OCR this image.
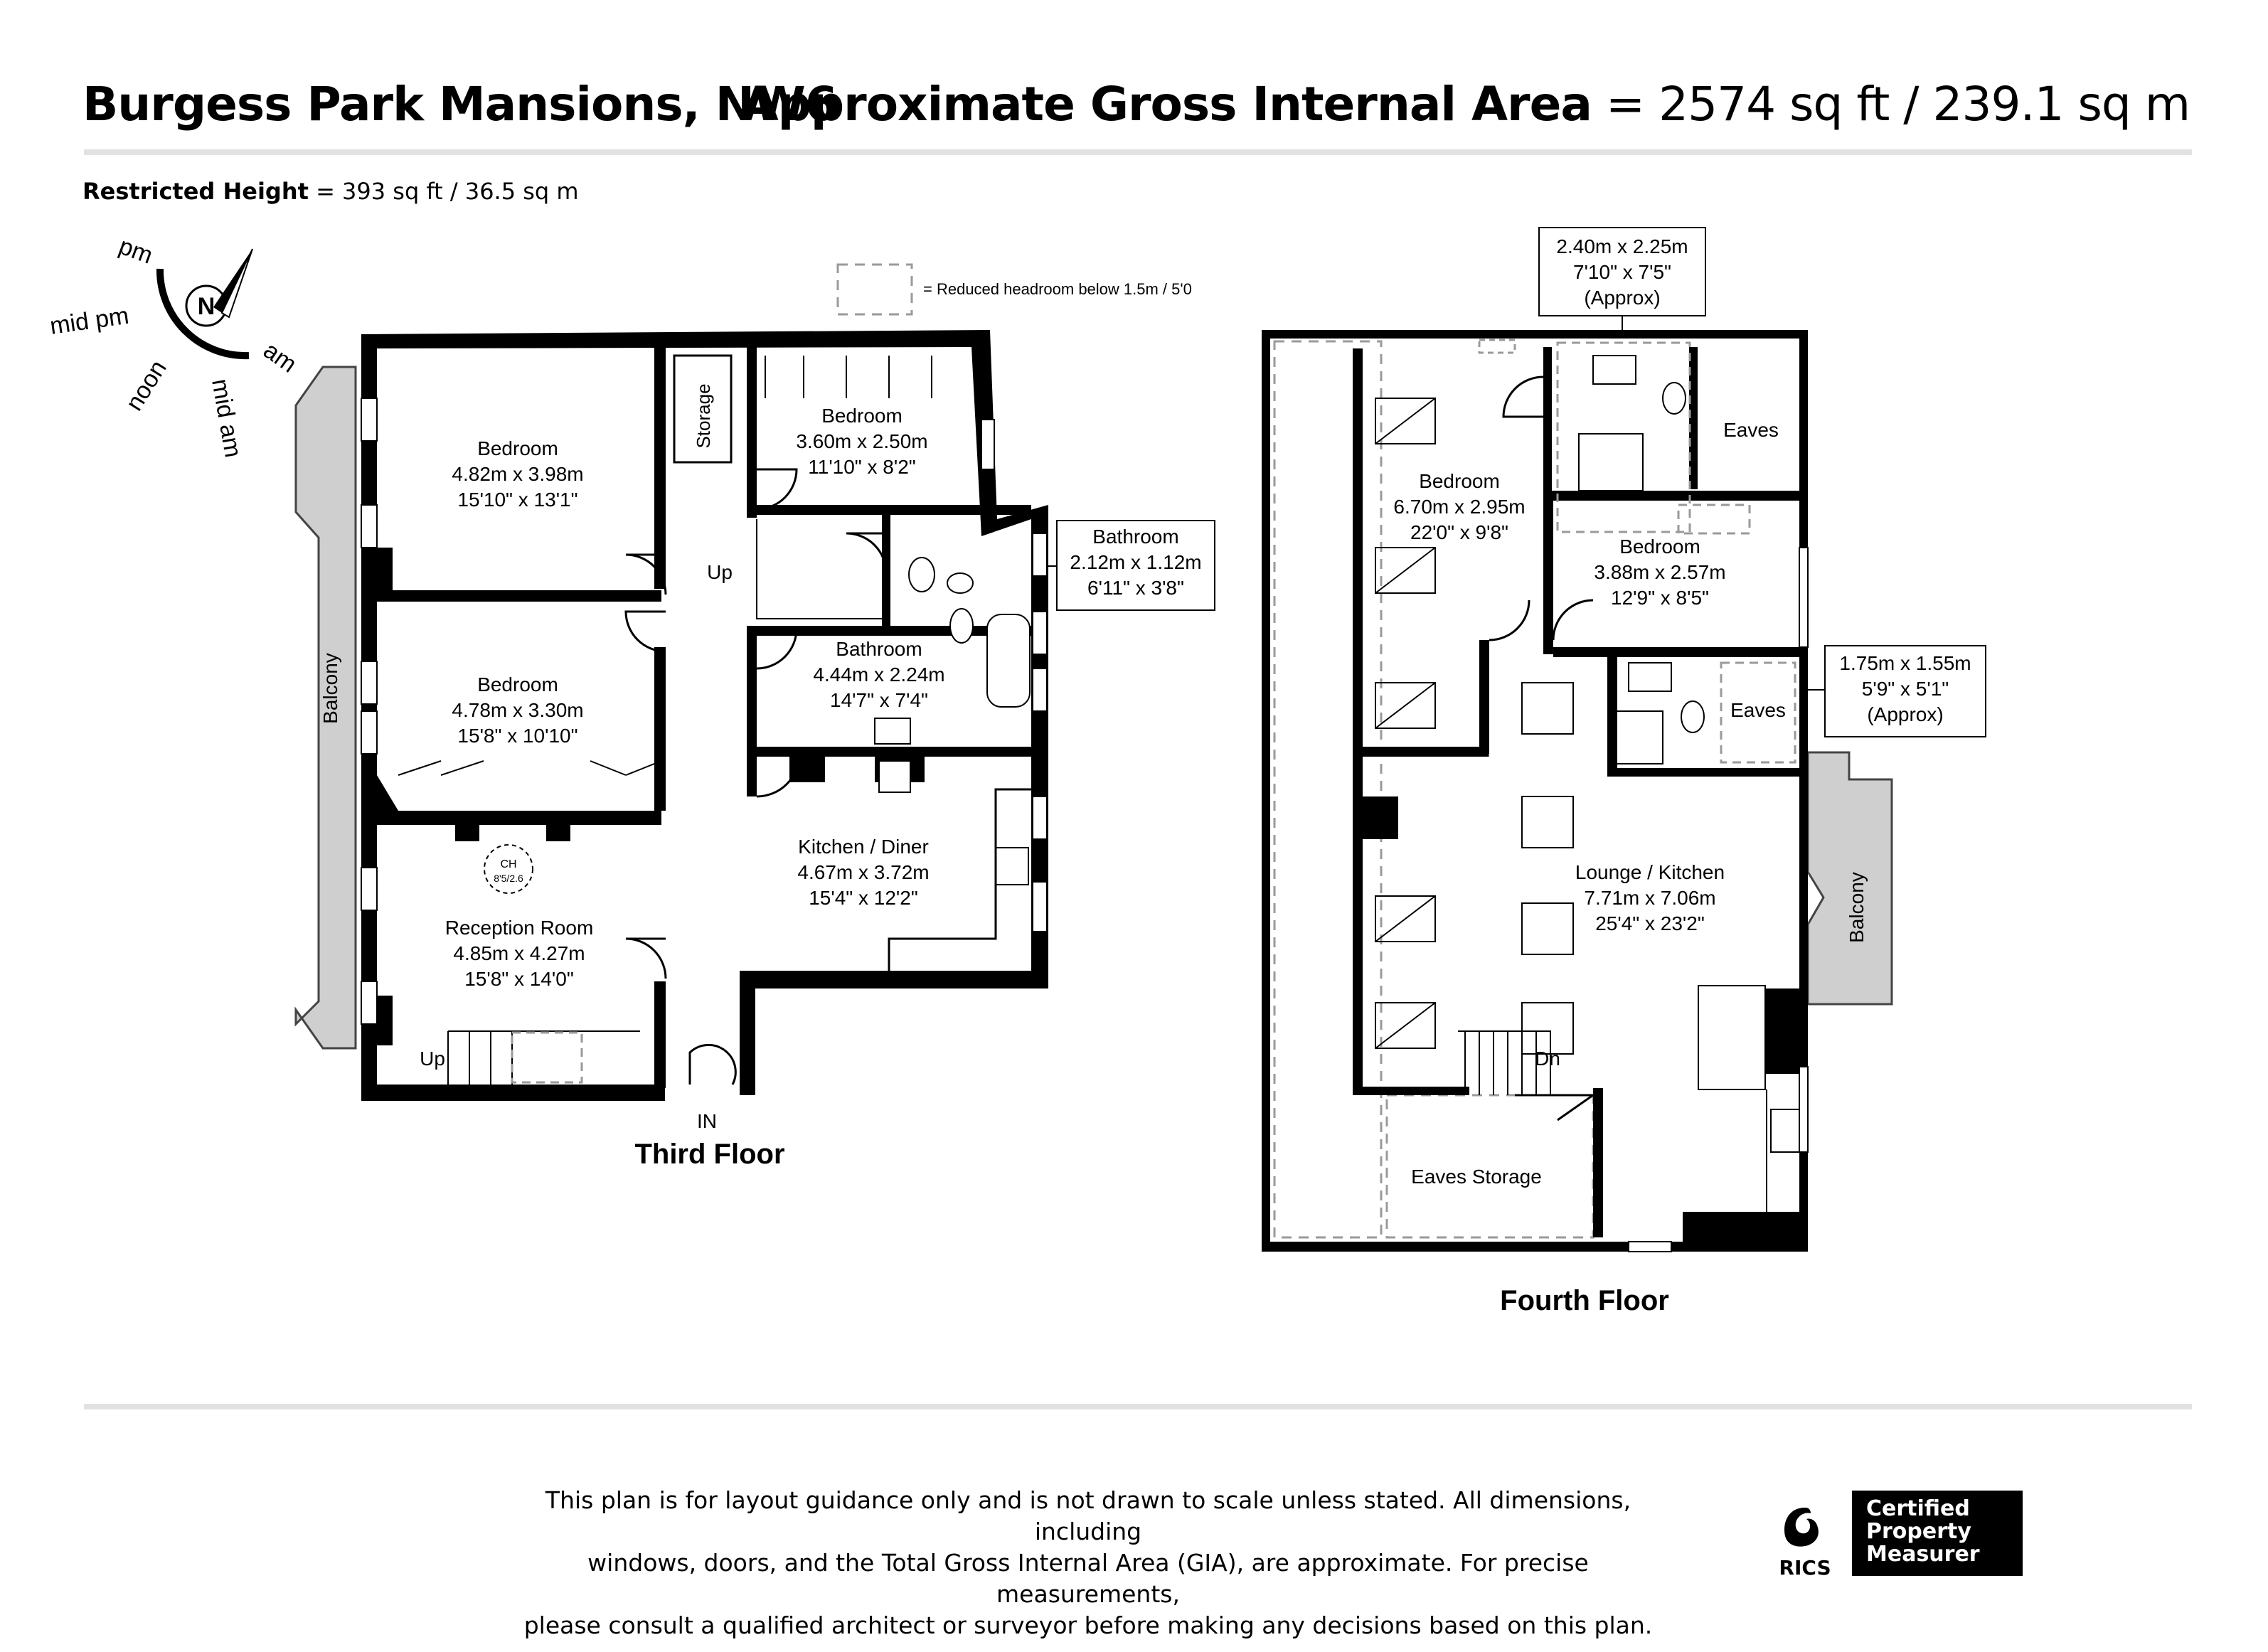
Burgess Park Mansions, NW6
Approximate Gross Internal Area = 2574 sq ft / 239.1 sq m
Restricted Height = 393 sq ft / 36.5 sq m
N
pm
mid pm
noon mid am
am
= Reduced headroom below 1.5m / 5'0
Balcony
Storage
CH
8'5/2.6
Bedroom
4.82m x 3.98m
15'10" x 13'1"
Bedroom
4.78m x 3.30m
15'8" x 10'10"
Reception Room
4.85m x 4.27m
15'8" x 14'0"
Bedroom
3.60m x 2.50m
11'10" x 8'2"
Bathroom
2.12m x 1.12m
6'11" x 3'8"
Bathroom
4.44m x 2.24m
14'7" x 7'4"
Kitchen / Diner
4.67m x 3.72m
15'4" x 12'2"
Up
Up
IN
Third Floor
Balcony
2.40m x 2.25m
7'10" x 7'5"
(Approx)
1.75m x 1.55m
5'9" x 5'1"
(Approx)
Bedroom
6.70m x 2.95m
22'0" x 9'8"
Bedroom
3.88m x 2.57m
12'9" x 8'5"
Lounge / Kitchen
7.71m x 7.06m
25'4" x 23'2"
Eaves
Eaves
Eaves Storage
Dn
Fourth Floor
This plan is for layout guidance only and is not drawn to scale unless stated. All dimensions, including
windows, doors, and the Total Gross Internal Area (GIA), are approximate. For precise measurements,
please consult a qualified architect or surveyor before making any decisions based on this plan.
RICS
Certified
Property
Measurer
